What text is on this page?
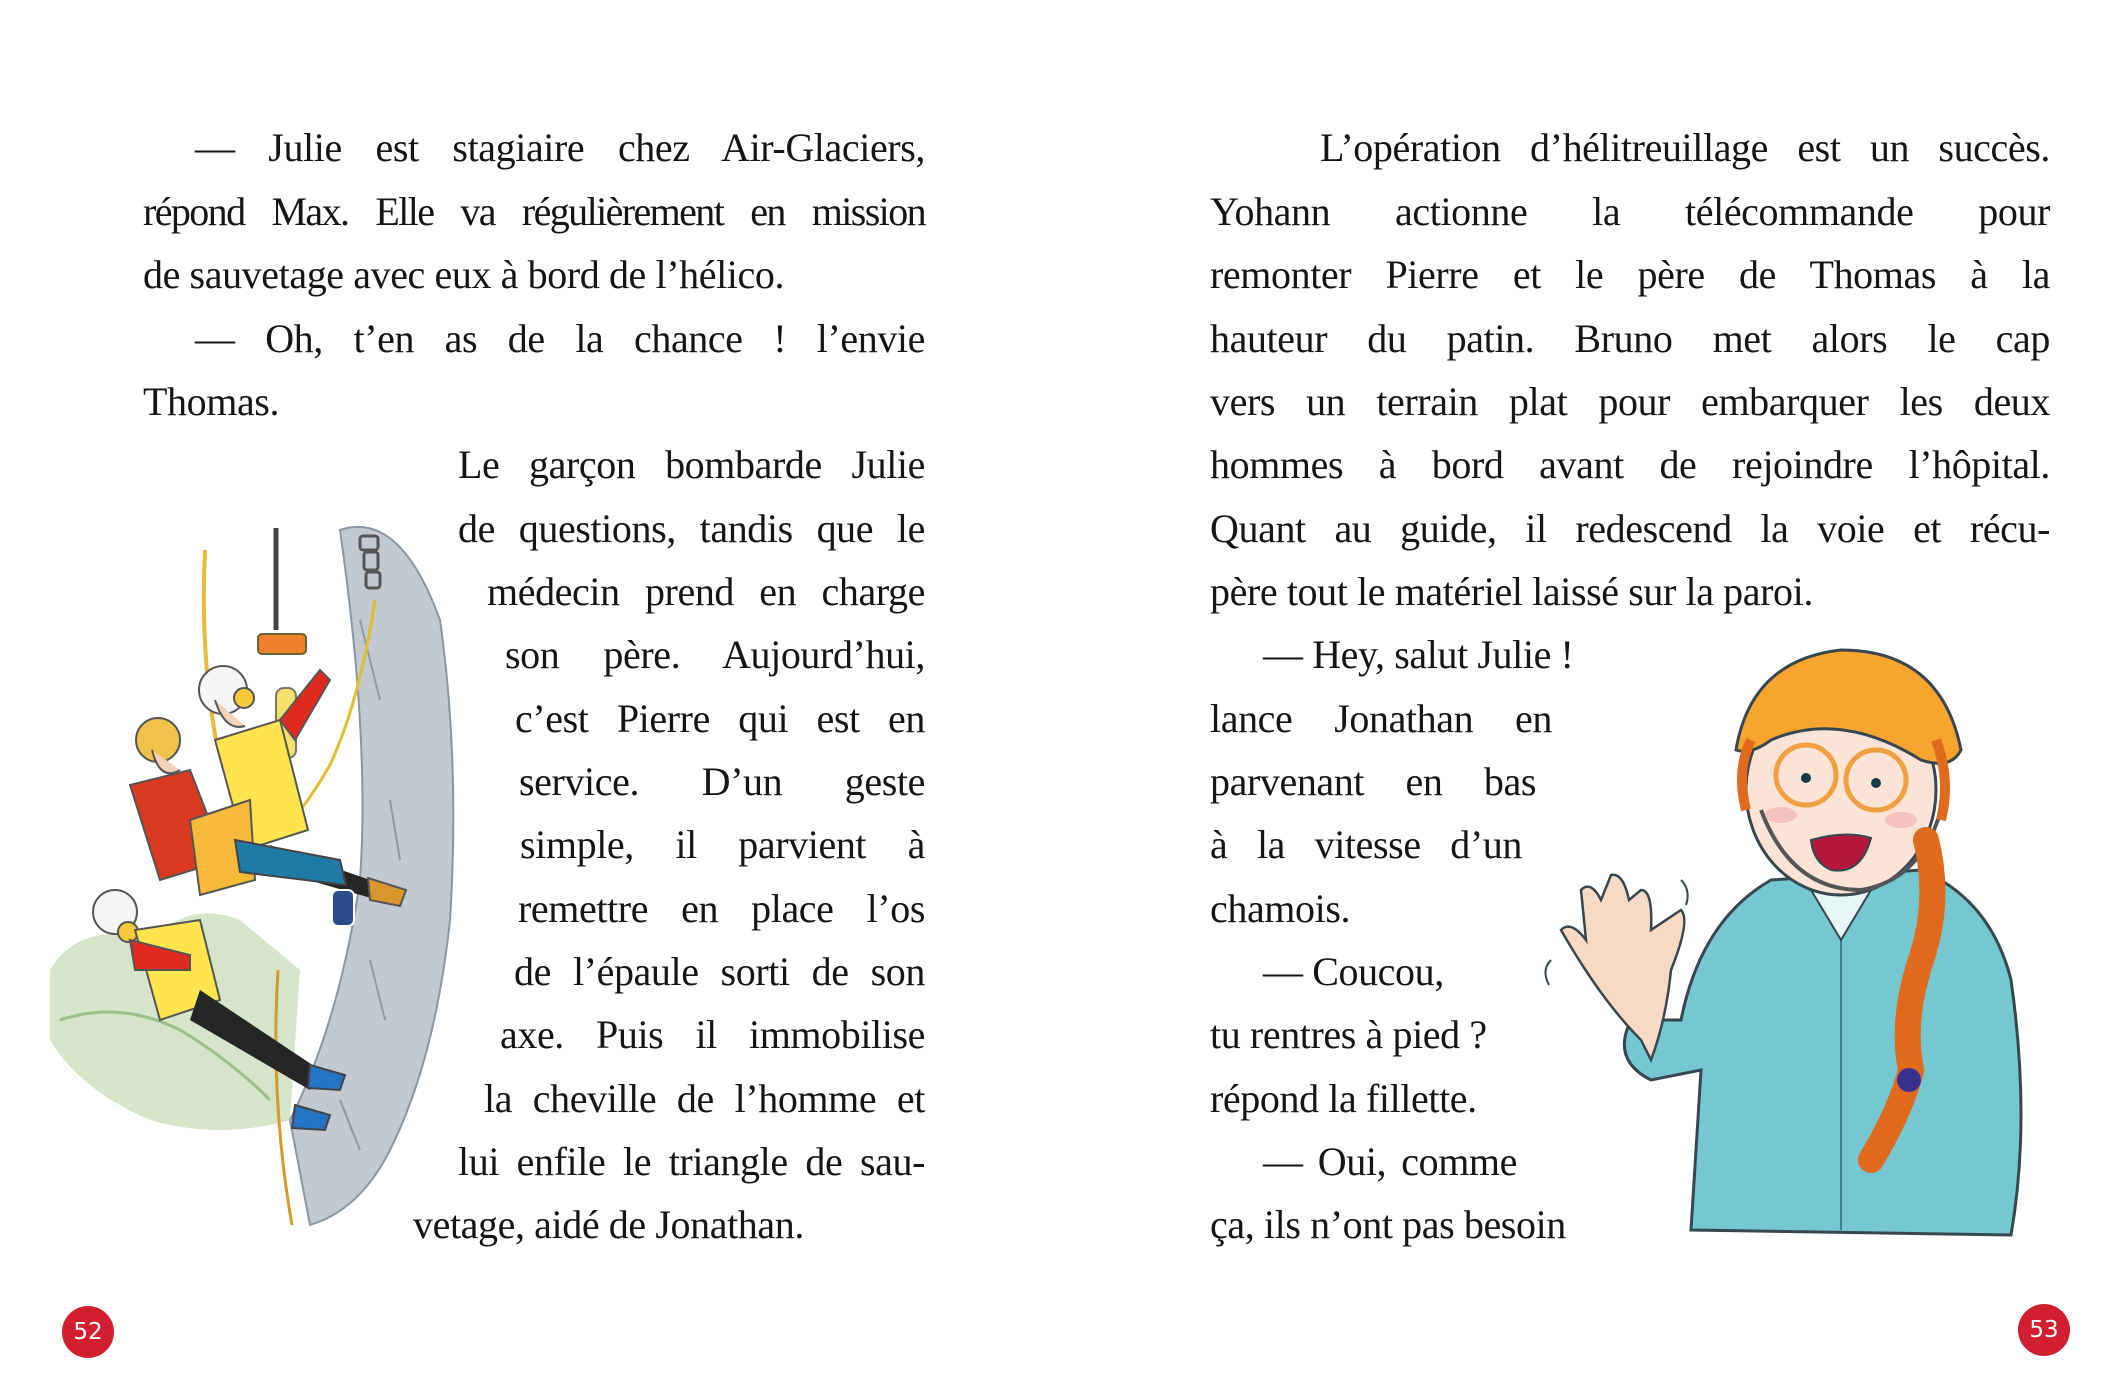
— Julie est stagiaire chez Air-Glaciers,
répond Max. Elle va régulièrement en mission
de sauvetage avec eux à bord de l’hélico.
— Oh, t’en as de la chance ! l’envie
Thomas.
Le garçon bombarde Julie
de questions, tandis que le
médecin prend en charge
son père. Aujourd’hui,
c’est Pierre qui est en
service. D’un geste
simple, il parvient à
remettre en place l’os
de l’épaule sorti de son
axe. Puis il immobilise
la cheville de l’homme et
lui enfile le triangle de sau-
vetage, aidé de Jonathan.
52
L’opération d’hélitreuillage est un succès.
Yohann actionne la télécommande pour
remonter Pierre et le père de Thomas à la
hauteur du patin. Bruno met alors le cap
vers un terrain plat pour embarquer les deux
hommes à bord avant de rejoindre l’hôpital.
Quant au guide, il redescend la voie et récu-
père tout le matériel laissé sur la paroi.
— Hey, salut Julie !
lance Jonathan en
parvenant en bas
à la vitesse d’un
chamois.
— Coucou,
tu rentres à pied ?
répond la fillette.
— Oui, comme
ça, ils n’ont pas besoin
53
